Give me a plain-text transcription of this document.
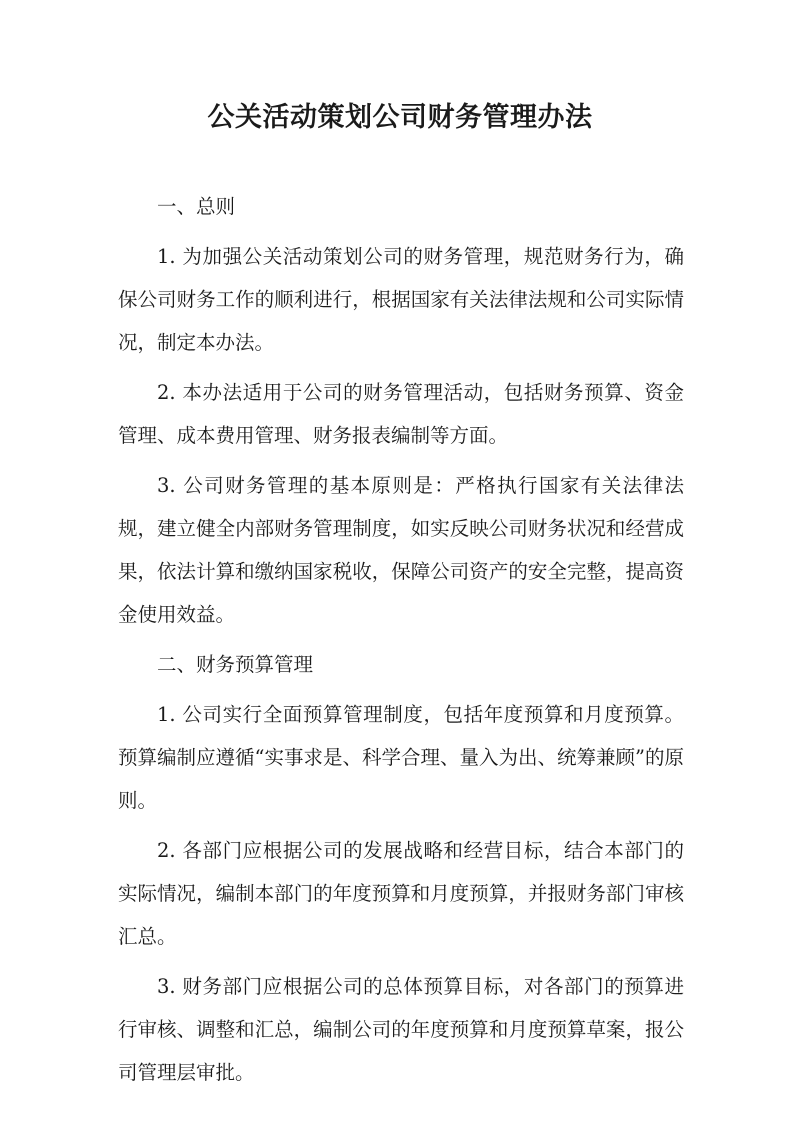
公关活动策划公司财务管理办法

一、总则

1. 为加强公关活动策划公司的财务管理，规范财务行为，确保公司财务工作的顺利进行，根据国家有关法律法规和公司实际情况，制定本办法。

2. 本办法适用于公司的财务管理活动，包括财务预算、资金管理、成本费用管理、财务报表编制等方面。

3. 公司财务管理的基本原则是：严格执行国家有关法律法规，建立健全内部财务管理制度，如实反映公司财务状况和经营成果，依法计算和缴纳国家税收，保障公司资产的安全完整，提高资金使用效益。

二、财务预算管理

1. 公司实行全面预算管理制度，包括年度预算和月度预算。预算编制应遵循“实事求是、科学合理、量入为出、统筹兼顾”的原则。

2. 各部门应根据公司的发展战略和经营目标，结合本部门的实际情况，编制本部门的年度预算和月度预算，并报财务部门审核汇总。

3. 财务部门应根据公司的总体预算目标，对各部门的预算进行审核、调整和汇总，编制公司的年度预算和月度预算草案，报公司管理层审批。
